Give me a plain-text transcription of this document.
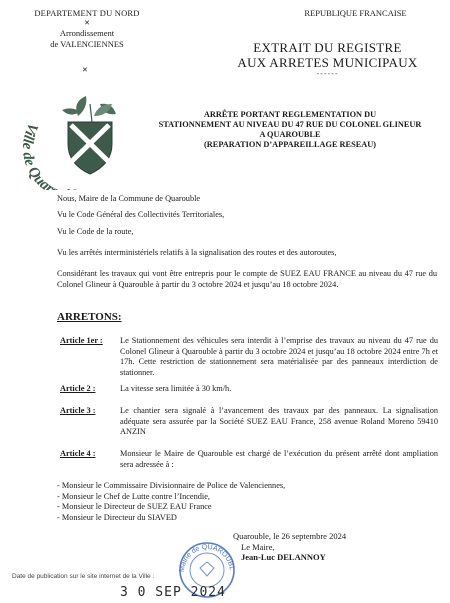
DEPARTEMENT DU NORD
✕
Arrondissement
de VALENCIENNES
REPUBLIQUE FRANCAISE
✕
EXTRAIT DU REGISTRE
AUX ARRETES MUNICIPAUX
------
Ville de Quar
ARRÊTE PORTANT REGLEMENTATION DU
STATIONNEMENT AU NIVEAU DU 47 RUE DU COLONEL GLINEUR
A QUAROUBLE
(REPARATION D’APPAREILLAGE RESEAU)
Nous, Maire de la Commune de Quarouble
Vu le Code Général des Collectivités Territoriales,
Vu le Code de la route,
Vu les arrêtés interministériels relatifs à la signalisation des routes et des autoroutes,
Considérant les travaux qui vont être entrepris pour le compte de SUEZ EAU FRANCE au niveau du 47 rue du Colonel Glineur à Quarouble à partir du 3 octobre 2024 et jusqu’au 18 octobre 2024.
ARRETONS:
Article 1er : Le Stationnement des véhicules sera interdit à l’emprise des travaux au niveau du 47 rue du Colonel Glineur à Quarouble à partir du 3 octobre 2024 et jusqu’au 18 octobre 2024 entre 7h et 17h. Cette restriction de stationnement sera matérialisée par des panneaux interdiction de stationner.
Article 2 :	La vitesse sera limitée à 30 km/h.
Article 3 :	Le chantier sera signalé à l’avancement des travaux par des panneaux. La signalisation adéquate sera assurée par la Société SUEZ EAU France, 258 avenue Roland Moreno 59410 ANZIN
Article 4 :	Monsieur le Maire de Quarouble est chargé de l’exécution du présent arrêté dont ampliation sera adressée à :
- Monsieur le Commissaire Divisionnaire de Police de Valenciennes,
- Monsieur le Chef de Lutte contre l’Incendie,
- Monsieur le Directeur de SUEZ EAU France
- Monsieur le Directeur du SIAVED
Mairie de QUAROUBL
Quarouble, le 26 septembre 2024
Le Maire,
Jean-Luc DELANNOY
Date de publication sur le site internet de la Ville :
3 0 SEP 2024
